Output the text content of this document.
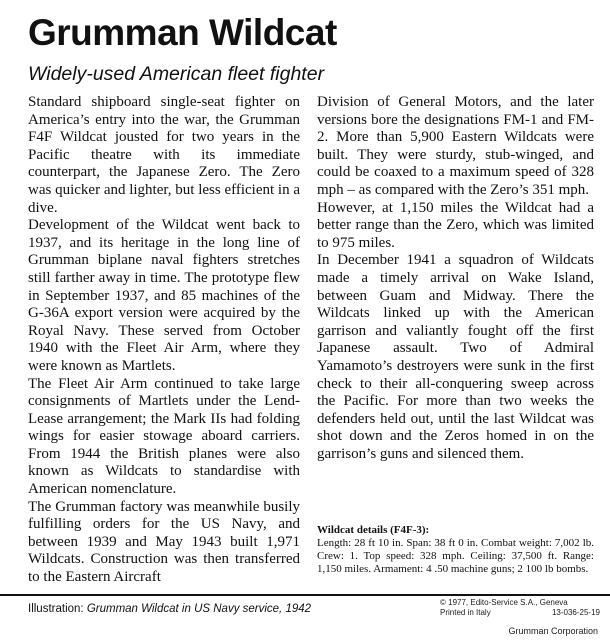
Grumman Wildcat
Widely-used American fleet fighter

Standard shipboard single-seat fighter on America’s entry into the war, the Grumman F4F Wildcat jousted for two years in the Pacific theatre with its immediate counterpart, the Japanese Zero. The Zero was quicker and lighter, but less efficient in a dive.

Development of the Wildcat went back to 1937, and its heritage in the long line of Grumman biplane naval fighters stretches still farther away in time. The prototype flew in September 1937, and 85 machines of the G-36A export version were acquired by the Royal Navy. These served from October 1940 with the Fleet Air Arm, where they were known as Martlets.

The Fleet Air Arm continued to take large consignments of Martlets under the Lend-Lease arrangement; the Mark IIs had folding wings for easier stowage aboard carriers. From 1944 the British planes were also known as Wildcats to standardise with American nomenclature.

The Grumman factory was meanwhile busily fulfilling orders for the US Navy, and between 1939 and May 1943 built 1,971 Wildcats. Construction was then transferred to the Eastern Aircraft

Division of General Motors, and the later versions bore the designations FM-1 and FM-2. More than 5,900 Eastern Wildcats were built. They were sturdy, stub-winged, and could be coaxed to a maximum speed of 328 mph – as compared with the Zero’s 351 mph.

However, at 1,150 miles the Wildcat had a better range than the Zero, which was limited to 975 miles.

In December 1941 a squadron of Wildcats made a timely arrival on Wake Island, between Guam and Midway. There the Wildcats linked up with the American garrison and valiantly fought off the first Japanese assault. Two of Admiral Yamamoto’s destroyers were sunk in the first check to their all-conquering sweep across the Pacific. For more than two weeks the defenders held out, until the last Wildcat was shot down and the Zeros homed in on the garrison’s guns and silenced them.

Wildcat details (F4F-3):
Length: 28 ft 10 in. Span: 38 ft 0 in. Combat weight: 7,002 lb. Crew: 1. Top speed: 328 mph. Ceiling: 37,500 ft. Range: 1,150 miles. Armament: 4 .50 machine guns; 2 100 lb bombs.
Illustration: Grumman Wildcat in US Navy service, 1942
© 1977, Edito-Service S.A., Geneva
Printed in Italy	13-036-25-19
Grumman Corporation
